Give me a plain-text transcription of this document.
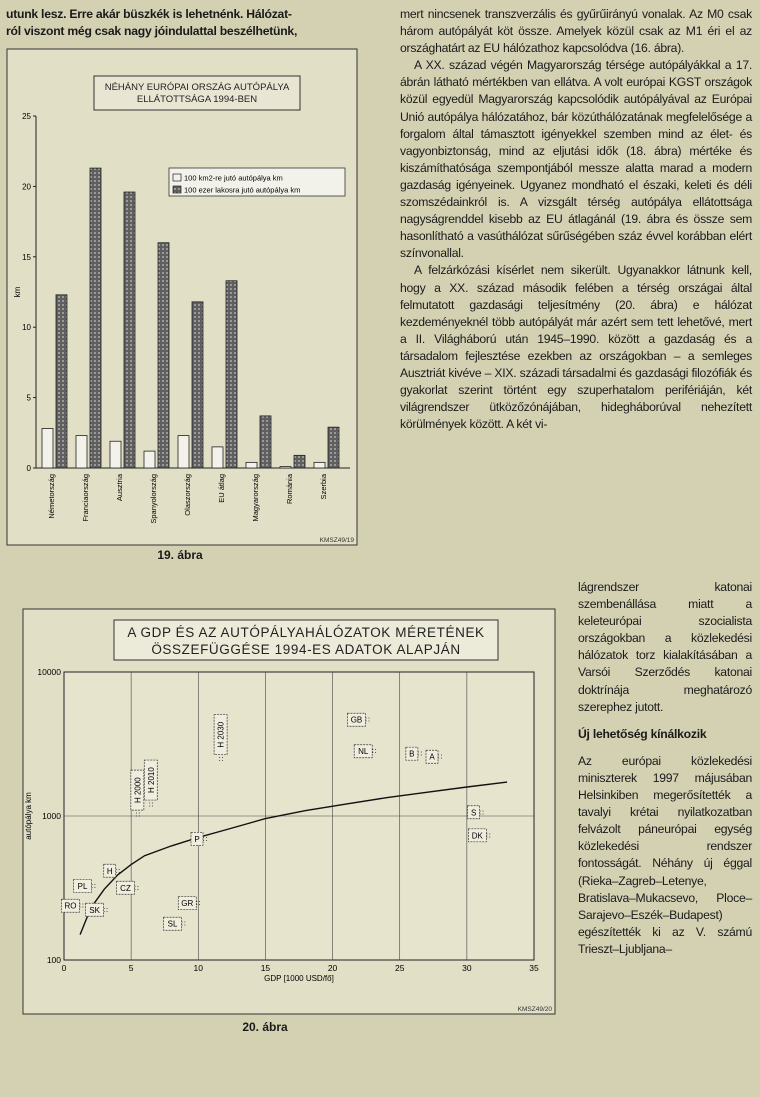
utunk lesz. Erre akár büszkék is lehetnénk. Hálózat-
ról viszont még csak nagy jóindulattal beszélhetünk,

mert nincsenek transzverzális és gyűrűirányú vonalak. Az M0 csak három autópályát köt össze. Amelyek közül csak az M1 éri el az országhatárt az EU hálózathoz kapcsolódva (16. ábra).

A XX. század végén Magyarország térsége autópályákkal a 17. ábrán látható mértékben van ellátva. A volt európai KGST országok közül egyedül Magyarország kapcsolódik autópályával az Európai Unió autópálya hálózatához, bár közúthálózatának megfelelősége a forgalom által támasztott igényekkel szemben mind az élet- és vagyonbiztonság, mind az eljutási idők (18. ábra) mértéke és kiszámíthatósága szempontjából messze alatta marad a modern gazdaság igényeinek. Ugyanez mondható el északi, keleti és déli szomszédainkról is. A vizsgált térség autópálya ellátottsága nagyságrenddel kisebb az EU átlagánál (19. ábra és össze sem hasonlítható a vasúthálózat sűrűségében száz évvel korábban elért színvonallal.

A felzárkózási kísérlet nem sikerült. Ugyanakkor látnunk kell, hogy a XX. század második felében a térség országai által felmutatott gazdasági teljesítmény (20. ábra) e hálózat kezdeményeknél több autópályát már azért sem tett lehetővé, mert a II. Világháború után 1945–1990. között a gazdaság és a társadalom fejlesztése ezekben az országokban – a semleges Ausztriát kivéve – XIX. századi társadalmi és gazdasági filozófiák és gyakorlat szerint történt egy szuperhatalom perifériáján, két világrendszer ütközőzónájában, hidegháborúval nehezített körülmények között. A két vi-

lágrendszer katonai szembenállása miatt a keleteurópai szocialista országokban a közlekedési hálózatok torz kialakításában a Varsói Szerződés katonai doktrínája meghatározó szerephez jutott.

Új lehetőség kínálkozik

Az európai közlekedési miniszterek 1997 májusában Helsinkiben megerősítették a tavalyi krétai nyilatkozatban felvázolt páneurópai egység közlekedési rendszer fontosságát. Néhány új éggal (Rieka–Zagreb–Letenye, Bratislava–Mukacsevo, Ploce–Sarajevo–Eszék–Budapest) egészítették ki az V. számú Trieszt–Ljubljana–

NÉHÁNY EURÓPAI ORSZÁG AUTÓPÁLYA
ELLÁTOTTSÁGA 1994-BEN
0
5
10
15
20
25
km
Németország	Franciaország	Ausztria	Spanyolország	Olaszország	EU átlag	Magyarország	Románia	Szerbia
100 km2-re jutó autópálya km
100 ezer lakosra jutó autópálya km
KMSZ49/19
19. ábra
A GDP ÉS AZ AUTÓPÁLYAHÁLÓZATOK MÉRETÉNEK
ÖSSZEFÜGGÉSE 1994-ES ADATOK ALAPJÁN
0	5	10	15	20	25	30	35
100
1000
10000
GDP [1000 USD/fő]
autópálya km
∷
RO
∷
PL
∷
SK
∷
H
∷
CZ
∷
H 2000
∷
H 2010
∷
H 2030
∷
SL
∷
GR
∷
P
∷
GB
∷
NL	∷
B	∷
A
∷
S
∷
DK
KMSZ49/20
20. ábra
